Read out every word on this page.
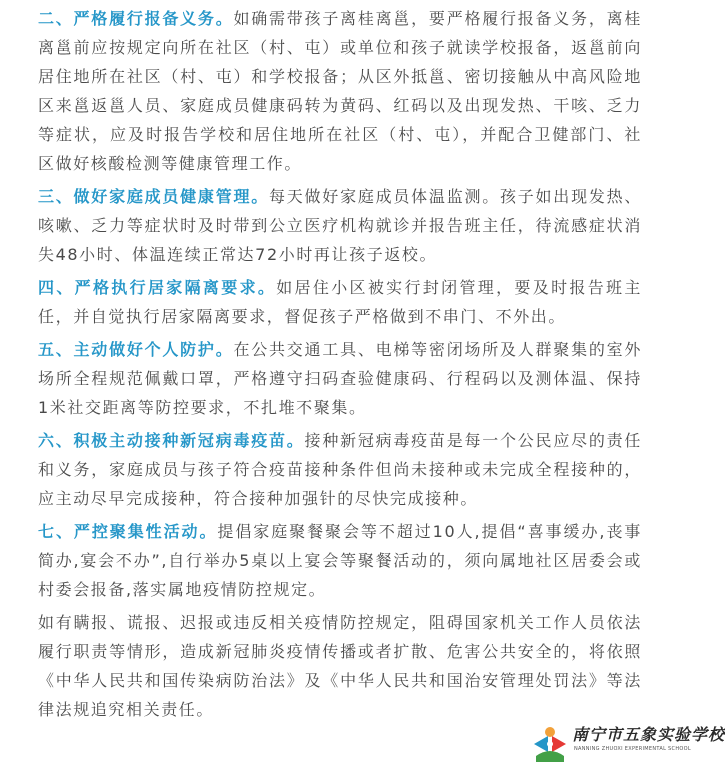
二、严格履行报备义务。如确需带孩子离桂离邕，要严格履行报备义务，离桂离邕前应按规定向所在社区（村、屯）或单位和孩子就读学校报备，返邕前向居住地所在社区（村、屯）和学校报备；从区外抵邕、密切接触从中高风险地区来邕返邕人员、家庭成员健康码转为黄码、红码以及出现发热、干咳、乏力等症状，应及时报告学校和居住地所在社区（村、屯），并配合卫健部门、社区做好核酸检测等健康管理工作。

三、做好家庭成员健康管理。每天做好家庭成员体温监测。孩子如出现发热、咳嗽、乏力等症状时及时带到公立医疗机构就诊并报告班主任，待流感症状消失48小时、体温连续正常达72小时再让孩子返校。

四、严格执行居家隔离要求。如居住小区被实行封闭管理，要及时报告班主任，并自觉执行居家隔离要求，督促孩子严格做到不串门、不外出。

五、主动做好个人防护。在公共交通工具、电梯等密闭场所及人群聚集的室外场所全程规范佩戴口罩，严格遵守扫码查验健康码、行程码以及测体温、保持1米社交距离等防控要求，不扎堆不聚集。

六、积极主动接种新冠病毒疫苗。接种新冠病毒疫苗是每一个公民应尽的责任和义务，家庭成员与孩子符合疫苗接种条件但尚未接种或未完成全程接种的，应主动尽早完成接种，符合接种加强针的尽快完成接种。

七、严控聚集性活动。提倡家庭聚餐聚会等不超过10人,提倡“喜事缓办,丧事简办,宴会不办”,自行举办5桌以上宴会等聚餐活动的，须向属地社区居委会或村委会报备,落实属地疫情防控规定。

如有瞒报、谎报、迟报或违反相关疫情防控规定，阻碍国家机关工作人员依法履行职责等情形，造成新冠肺炎疫情传播或者扩散、危害公共安全的，将依照《中华人民共和国传染病防治法》及《中华人民共和国治安管理处罚法》等法律法规追究相关责任。

南宁市五象实验学校
NANNING ZHUOXI EXPERIMENTAL SCHOOL
